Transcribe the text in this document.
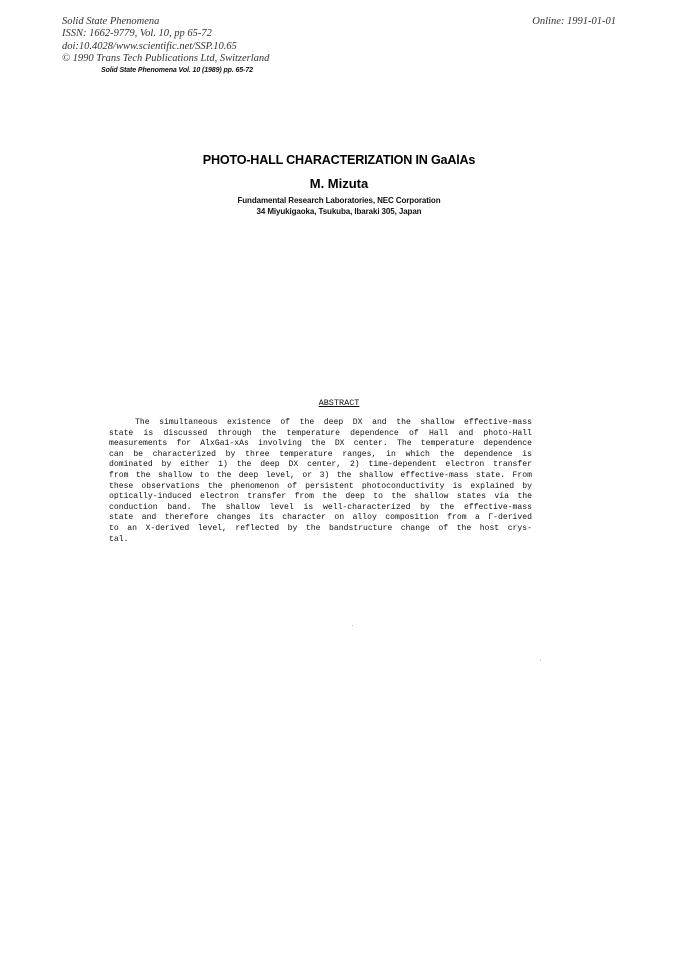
Solid State Phenomena
ISSN: 1662-9779, Vol. 10, pp 65-72
doi:10.4028/www.scientific.net/SSP.10.65
© 1990 Trans Tech Publications Ltd, Switzerland
Online: 1991-01-01
Solid State Phenomena Vol. 10 (1989) pp. 65-72
PHOTO-HALL CHARACTERIZATION IN GaAlAs
M. Mizuta
Fundamental Research Laboratories, NEC Corporation
34 Miyukigaoka, Tsukuba, Ibaraki 305, Japan
ABSTRACT
The simultaneous existence of the deep DX and the shallow effective-mass
state is discussed through the temperature dependence of Hall and photo-Hall
measurements for AlxGa1-xAs involving the DX center. The temperature dependence
can be characterized by three temperature ranges, in which the dependence is
dominated by either 1) the deep DX center, 2) time-dependent electron transfer
from the shallow to the deep level, or 3) the shallow effective-mass state. From
these observations the phenomenon of persistent photoconductivity is explained by
optically-induced electron transfer from the deep to the shallow states via the
conduction band. The shallow level is well-characterized by the effective-mass
state and therefore changes its character on alloy composition from a Γ-derived
to an X-derived level, reflected by the bandstructure change of the host crys-
tal.
